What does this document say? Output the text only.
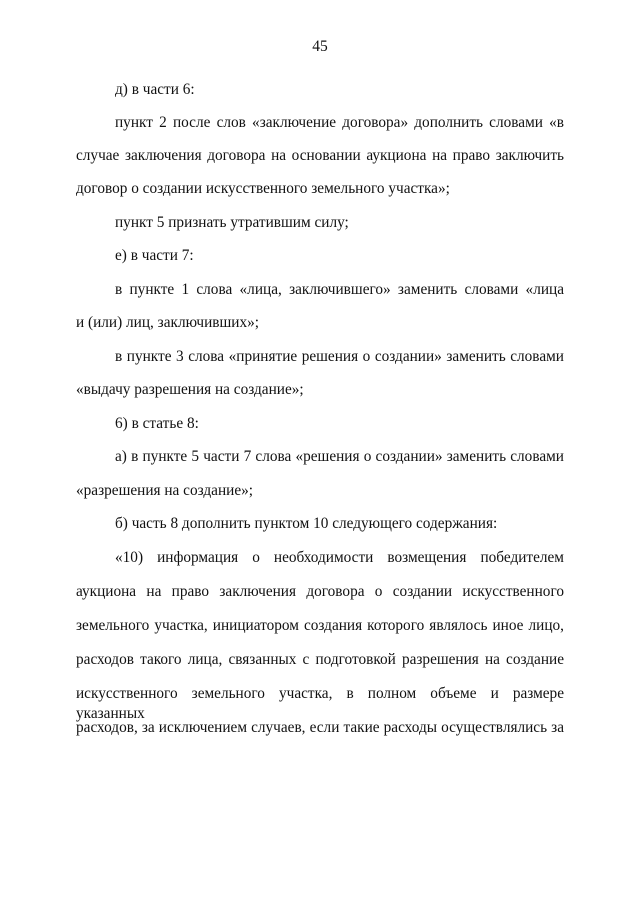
45
д) в части 6:
пункт 2 после слов «заключение договора» дополнить словами «в
случае заключения договора на основании аукциона на право заключить
договор о создании искусственного земельного участка»;
пункт 5 признать утратившим силу;
е) в части 7:
в пункте 1 слова «лица, заключившего» заменить словами «лица
и (или) лиц, заключивших»;
в пункте 3 слова «принятие решения о создании» заменить словами
«выдачу разрешения на создание»;
6) в статье 8:
а) в пункте 5 части 7 слова «решения о создании» заменить словами
«разрешения на создание»;
б) часть 8 дополнить пунктом 10 следующего содержания:
«10) информация о необходимости возмещения победителем
аукциона на право заключения договора о создании искусственного
земельного участка, инициатором создания которого являлось иное лицо,
расходов такого лица, связанных с подготовкой разрешения на создание
искусственного земельного участка, в полном объеме и размере указанных
расходов, за исключением случаев, если такие расходы осуществлялись за
